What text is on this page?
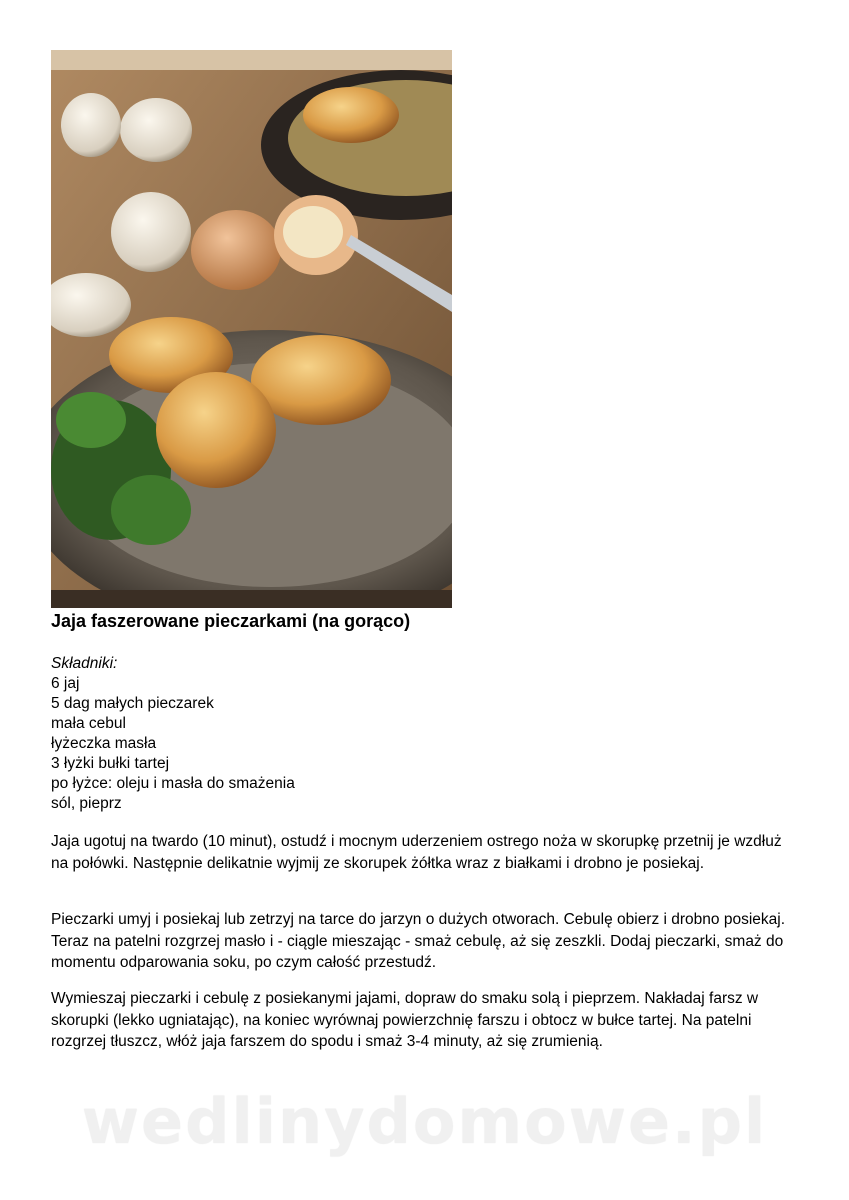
Jaja faszerowane pieczarkami (na gorąco)
Składniki:
6 jaj
5 dag małych pieczarek
mała cebul
łyżeczka masła
3 łyżki bułki tartej
po łyżce: oleju i masła do smażenia
sól, pieprz

Jaja ugotuj na twardo (10 minut), ostudź i mocnym uderzeniem ostrego noża w skorupkę przetnij je wzdłuż na połówki. Następnie delikatnie wyjmij ze skorupek żółtka wraz z białkami i drobno je posiekaj.

Pieczarki umyj i posiekaj lub zetrzyj na tarce do jarzyn o dużych otworach. Cebulę obierz i drobno posiekaj. Teraz na patelni rozgrzej masło i - ciągle mieszając - smaż cebulę, aż się zeszkli. Dodaj pieczarki, smaż do momentu odparowania soku, po czym całość przestudź.

Wymieszaj pieczarki i cebulę z posiekanymi jajami, dopraw do smaku solą i pieprzem. Nakładaj farsz w skorupki (lekko ugniatając), na koniec wyrównaj powierzchnię farszu i obtocz w bułce tartej. Na patelni rozgrzej tłuszcz, włóż jaja farszem do spodu i smaż 3-4 minuty, aż się zrumienią.

wedlinydomowe.pl
